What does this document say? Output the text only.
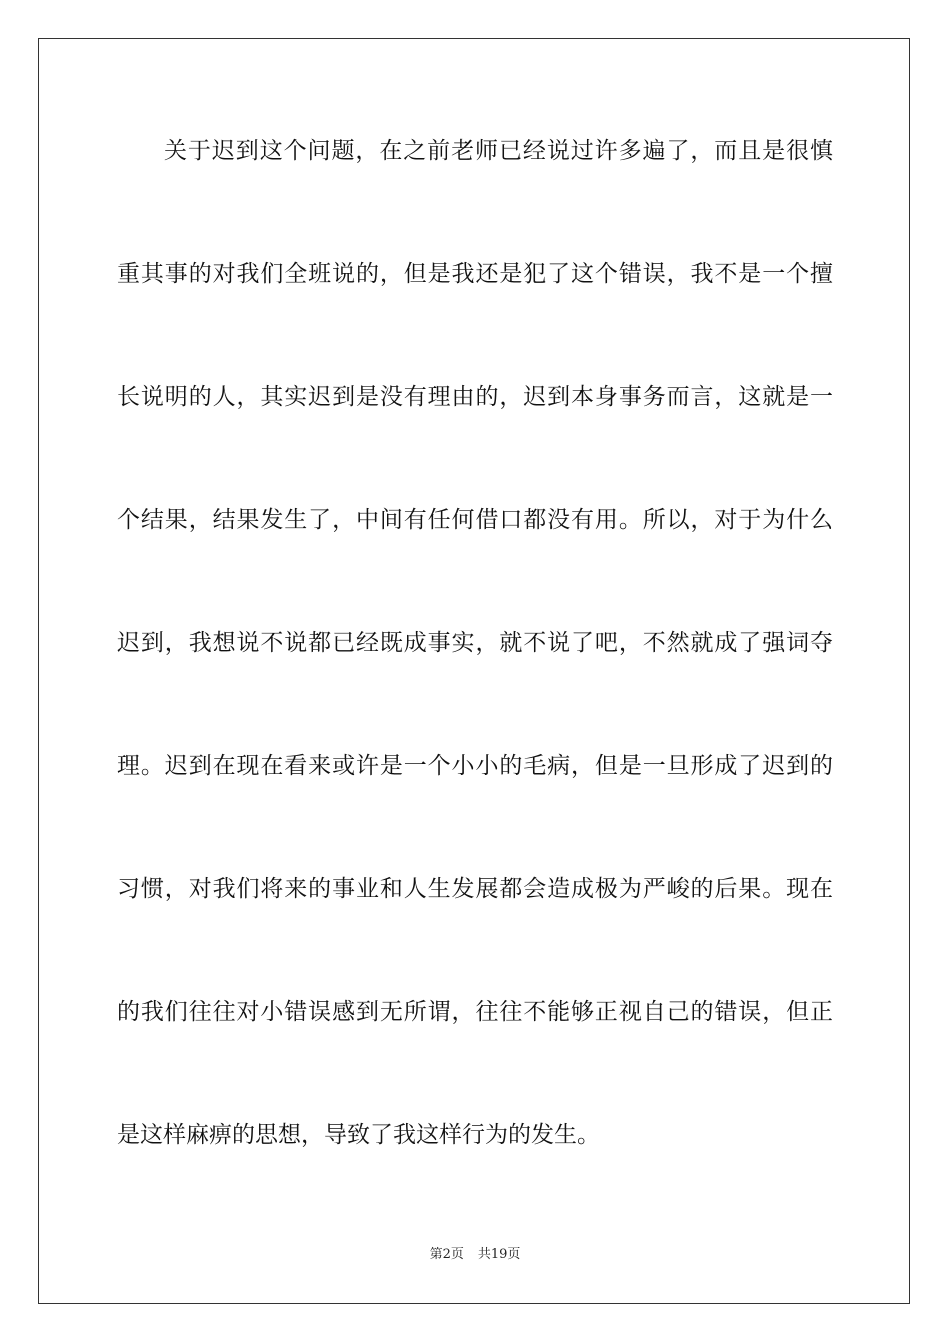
关于迟到这个问题，在之前老师已经说过许多遍了，而且是很慎
重其事的对我们全班说的，但是我还是犯了这个错误，我不是一个擅
长说明的人，其实迟到是没有理由的，迟到本身事务而言，这就是一
个结果，结果发生了，中间有任何借口都没有用。所以，对于为什么
迟到，我想说不说都已经既成事实，就不说了吧，不然就成了强词夺
理。迟到在现在看来或许是一个小小的毛病，但是一旦形成了迟到的
习惯，对我们将来的事业和人生发展都会造成极为严峻的后果。现在
的我们往往对小错误感到无所谓，往往不能够正视自己的错误，但正
是这样麻痹的思想，导致了我这样行为的发生。
第2页 共19页
